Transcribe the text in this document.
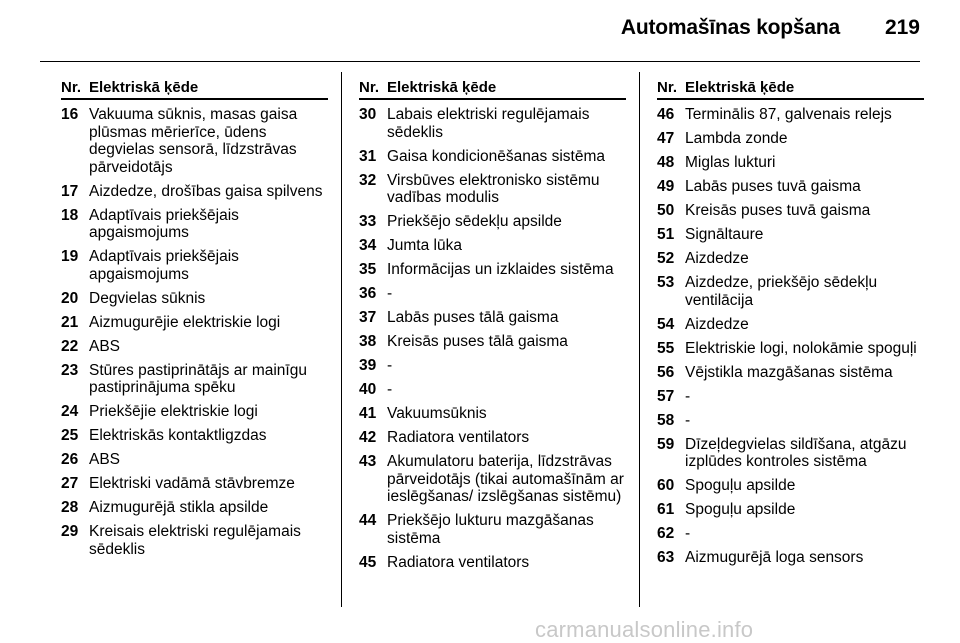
Automašīnas kopšana 219
Nr. Elektriskā ķēde
16 Vakuuma sūknis, masas gaisa plūsmas mērierīce, ūdens degvielas sensorā, līdzstrāvas pārveidotājs
17 Aizdedze, drošības gaisa spilvens
18 Adaptīvais priekšējais apgaismojums
19 Adaptīvais priekšējais apgaismojums
20 Degvielas sūknis
21 Aizmugurējie elektriskie logi
22 ABS
23 Stūres pastiprinātājs ar mainīgu pastiprinājuma spēku
24 Priekšējie elektriskie logi
25 Elektriskās kontaktligzdas
26 ABS
27 Elektriski vadāmā stāvbremze
28 Aizmugurējā stikla apsilde
29 Kreisais elektriski regulējamais sēdeklis
Nr. Elektriskā ķēde
30 Labais elektriski regulējamais sēdeklis
31 Gaisa kondicionēšanas sistēma
32 Virsbūves elektronisko sistēmu vadības modulis
33 Priekšējo sēdekļu apsilde
34 Jumta lūka
35 Informācijas un izklaides sistēma
36 -
37 Labās puses tālā gaisma
38 Kreisās puses tālā gaisma
39 -
40 -
41 Vakuumsūknis
42 Radiatora ventilators
43 Akumulatoru baterija, līdzstrāvas pārveidotājs (tikai automašīnām ar ieslēgšanas/ izslēgšanas sistēmu)
44 Priekšējo lukturu mazgāšanas sistēma
45 Radiatora ventilators
Nr. Elektriskā ķēde
46 Terminālis 87, galvenais relejs
47 Lambda zonde
48 Miglas lukturi
49 Labās puses tuvā gaisma
50 Kreisās puses tuvā gaisma
51 Signāltaure
52 Aizdedze
53 Aizdedze, priekšējo sēdekļu ventilācija
54 Aizdedze
55 Elektriskie logi, nolokāmie spoguļi
56 Vējstikla mazgāšanas sistēma
57 -
58 -
59 Dīzeļdegvielas sildīšana, atgāzu izplūdes kontroles sistēma
60 Spoguļu apsilde
61 Spoguļu apsilde
62 -
63 Aizmugurējā loga sensors
carmanualsonline.info
